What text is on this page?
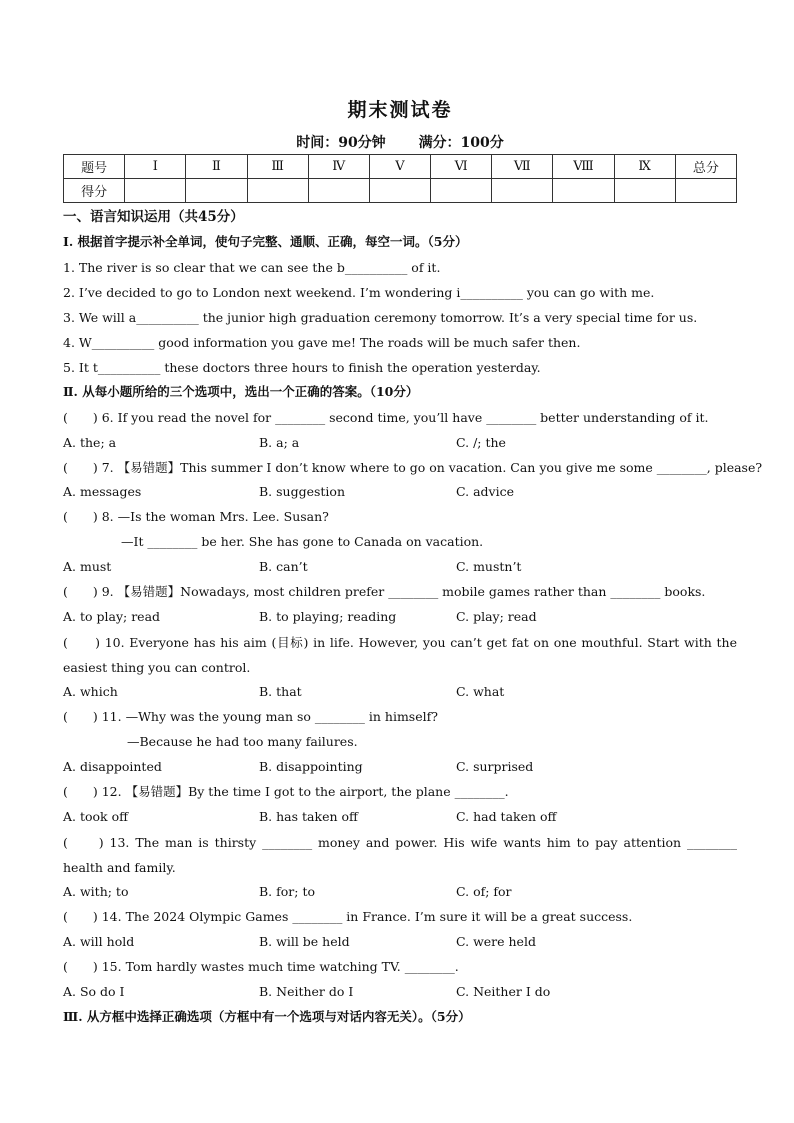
期末测试卷
时间：90分钟 满分：100分
题号	Ⅰ	Ⅱ	Ⅲ	Ⅳ	Ⅴ	Ⅵ	Ⅶ	Ⅷ	Ⅸ	总分
得分										
一、语言知识运用（共45分）
Ⅰ. 根据首字提示补全单词，使句子完整、通顺、正确，每空一词。（5分）
1. The river is so clear that we can see the b__________ of it.
2. I’ve decided to go to London next weekend. I’m wondering i__________ you can go with me.
3. We will a__________ the junior high graduation ceremony tomorrow. It’s a very special time for us.
4. W__________ good information you gave me! The roads will be much safer then.
5. It t__________ these doctors three hours to finish the operation yesterday.
Ⅱ. 从每小题所给的三个选项中，选出一个正确的答案。（10分）
(　　) 6. If you read the novel for ________ second time, you’ll have ________ better understanding of it.
A. the; a	B. a; a	C. /; the
(　　) 7. 【易错题】This summer I don’t know where to go on vacation. Can you give me some ________, please?
A. messages	B. suggestion	C. advice
(　　) 8. —Is the woman Mrs. Lee. Susan?
—It ________ be her. She has gone to Canada on vacation.
A. must	B. can’t	C. mustn’t
(　　) 9. 【易错题】Nowadays, most children prefer ________ mobile games rather than ________ books.
A. to play; read	B. to playing; reading	C. play; read
(　　) 10. Everyone has his aim (目标) in life. However, you can’t get fat on one mouthful. Start with the easiest thing you can control.
A. which	B. that	C. what
(　　) 11. —Why was the young man so ________ in himself?
—Because he had too many failures.
A. disappointed	B. disappointing	C. surprised
(　　) 12. 【易错题】By the time I got to the airport, the plane ________.
A. took off	B. has taken off	C. had taken off
(　　) 13. The man is thirsty ________ money and power. His wife wants him to pay attention ________ health and family.
A. with; to	B. for; to	C. of; for
(　　) 14. The 2024 Olympic Games ________ in France. I’m sure it will be a great success.
A. will hold	B. will be held	C. were held
(　　) 15. Tom hardly wastes much time watching TV. ________.
A. So do I	B. Neither do I	C. Neither I do
Ⅲ. 从方框中选择正确选项（方框中有一个选项与对话内容无关）。（5分）
